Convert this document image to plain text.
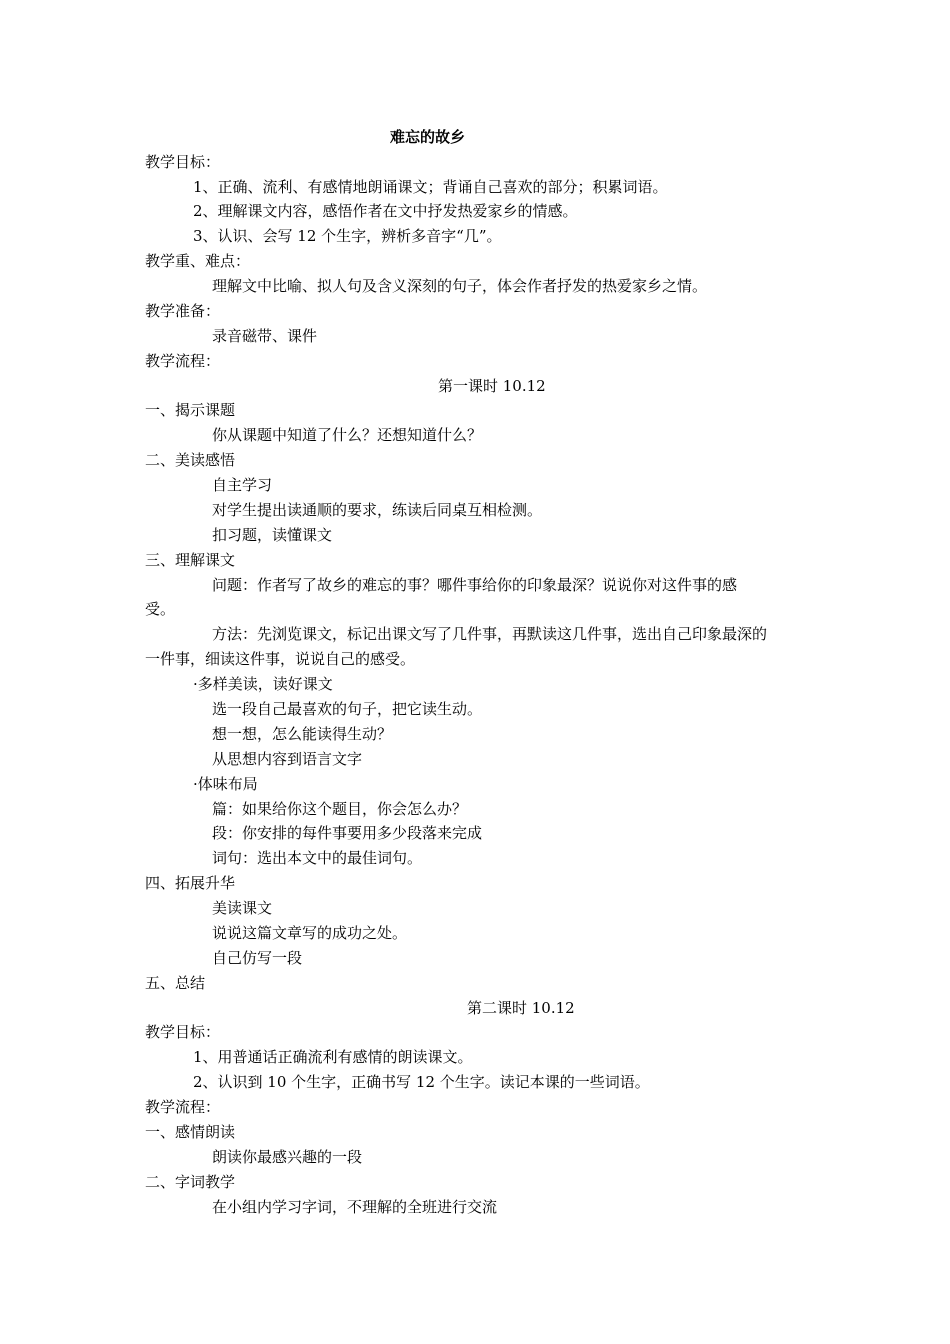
难忘的故乡
教学目标：
1、正确、流利、有感情地朗诵课文；背诵自己喜欢的部分；积累词语。
2、理解课文内容，感悟作者在文中抒发热爱家乡的情感。
3、认识、会写 12 个生字，辨析多音字“几”。
教学重、难点：
理解文中比喻、拟人句及含义深刻的句子，体会作者抒发的热爱家乡之情。
教学准备：
录音磁带、课件
教学流程：
第一课时 10.12
一、揭示课题
你从课题中知道了什么？还想知道什么？
二、美读感悟
自主学习
对学生提出读通顺的要求，练读后同桌互相检测。
扣习题，读懂课文
三、理解课文
问题：作者写了故乡的难忘的事？哪件事给你的印象最深？说说你对这件事的感
受。
方法：先浏览课文，标记出课文写了几件事，再默读这几件事，选出自己印象最深的
一件事，细读这件事，说说自己的感受。
·多样美读，读好课文
选一段自己最喜欢的句子，把它读生动。
想一想，怎么能读得生动？
从思想内容到语言文字
·体味布局
篇：如果给你这个题目，你会怎么办？
段：你安排的每件事要用多少段落来完成
词句：选出本文中的最佳词句。
四、拓展升华
美读课文
说说这篇文章写的成功之处。
自己仿写一段
五、总结
第二课时 10.12
教学目标：
1、用普通话正确流利有感情的朗读课文。
2、认识到 10 个生字，正确书写 12 个生字。读记本课的一些词语。
教学流程：
一、感情朗读
朗读你最感兴趣的一段
二、字词教学
在小组内学习字词，不理解的全班进行交流
